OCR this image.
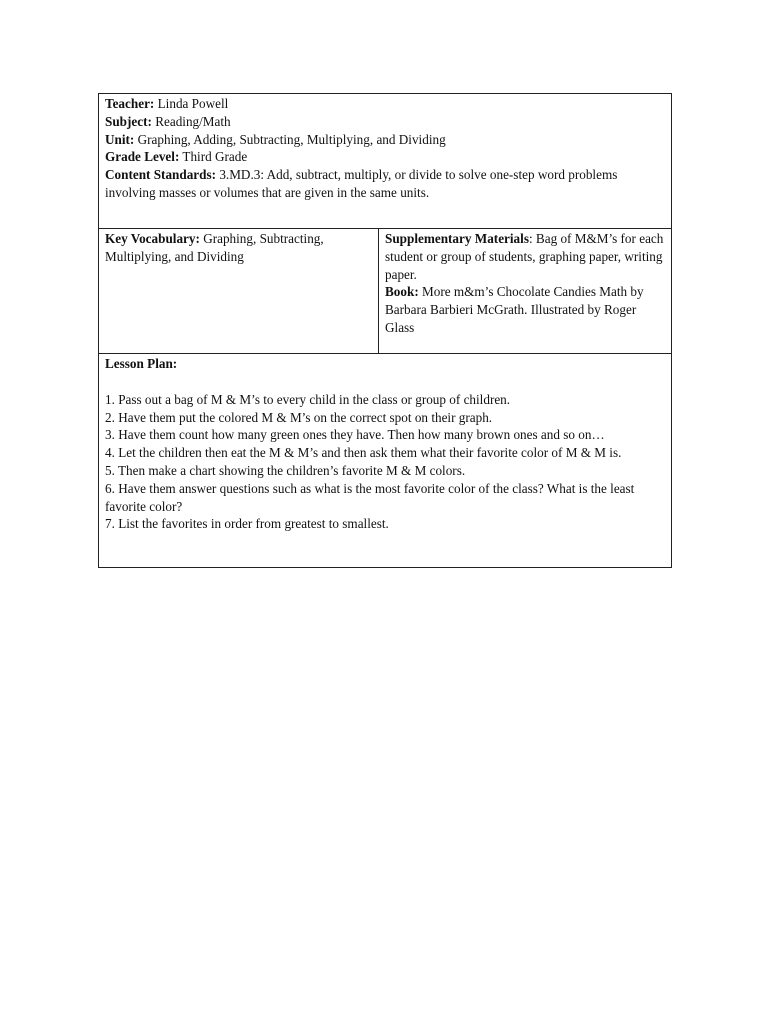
Teacher: Linda Powell
Subject: Reading/Math
Unit: Graphing, Adding, Subtracting, Multiplying, and Dividing
Grade Level: Third Grade
Content Standards: 3.MD.3: Add, subtract, multiply, or divide to solve one-step word problems involving masses or volumes that are given in the same units.

Key Vocabulary: Graphing, Subtracting, Multiplying, and Dividing	
Supplementary Materials: Bag of M&M’s for each student or group of students, graphing paper, writing paper.
Book: More m&m’s Chocolate Candies Math by Barbara Barbieri McGrath. Illustrated by Roger Glass

Lesson Plan:
1. Pass out a bag of M & M’s to every child in the class or group of children.
2. Have them put the colored M & M’s on the correct spot on their graph.
3. Have them count how many green ones they have. Then how many brown ones and so on…
4. Let the children then eat the M & M’s and then ask them what their favorite color of M & M is.
5. Then make a chart showing the children’s favorite M & M colors.
6. Have them answer questions such as what is the most favorite color of the class? What is the least favorite color?
7. List the favorites in order from greatest to smallest.
